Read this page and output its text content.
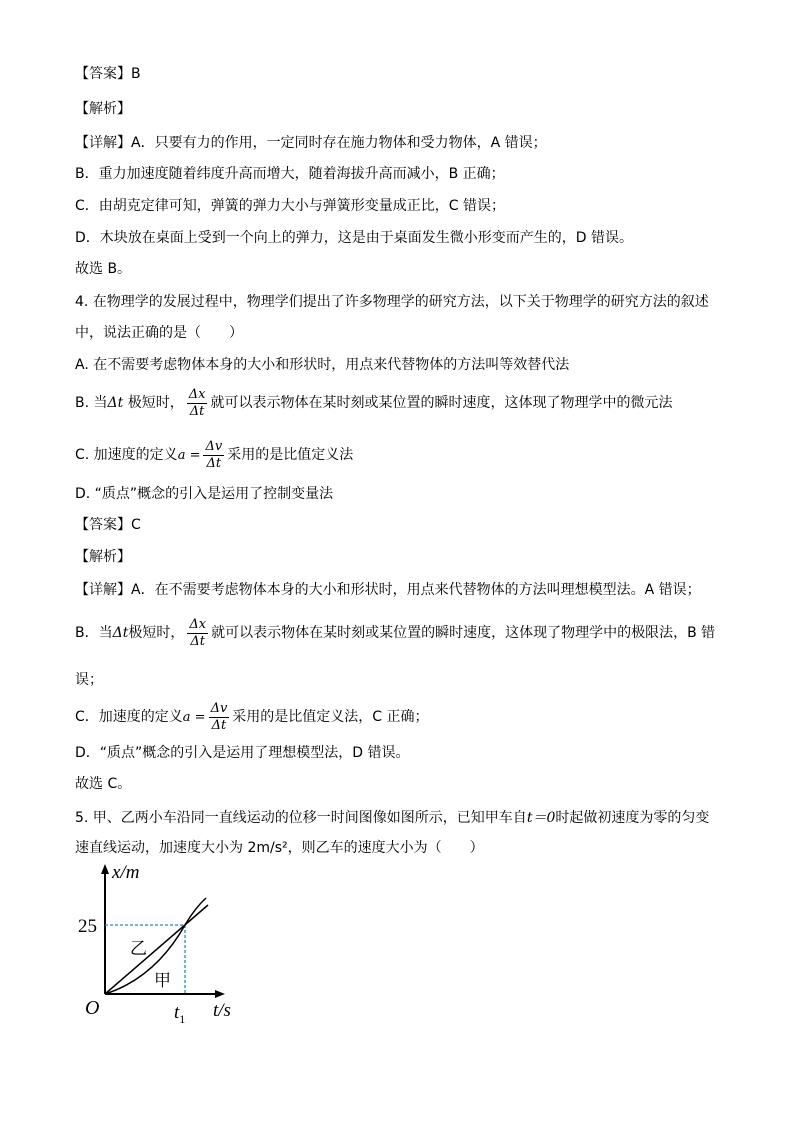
【答案】B
【解析】
【详解】A．只要有力的作用，一定同时存在施力物体和受力物体，A 错误；
B．重力加速度随着纬度升高而增大，随着海拔升高而减小，B 正确；
C．由胡克定律可知，弹簧的弹力大小与弹簧形变量成正比，C 错误；
D．木块放在桌面上受到一个向上的弹力，这是由于桌面发生微小形变而产生的，D 错误。
故选 B。
4. 在物理学的发展过程中，物理学们提出了许多物理学的研究方法，以下关于物理学的研究方法的叙述
中，说法正确的是（　　）
A. 在不需要考虑物体本身的大小和形状时，用点来代替物体的方法叫等效替代法
B. 当Δt 极短时， $\frac{\Delta x}{\Delta t}$ 就可以表示物体在某时刻或某位置的瞬时速度，这体现了物理学中的微元法
C. 加速度的定义$a = \frac{\Delta v}{\Delta t}$ 采用的是比值定义法
D. “质点”概念的引入是运用了控制变量法
【答案】C
【解析】
【详解】A．在不需要考虑物体本身的大小和形状时，用点来代替物体的方法叫理想模型法。A 错误；
B．当Δt极短时， $\frac{\Delta x}{\Delta t}$ 就可以表示物体在某时刻或某位置的瞬时速度，这体现了物理学中的极限法，B 错
误；
C．加速度的定义$a = \frac{\Delta v}{\Delta t}$ 采用的是比值定义法，C 正确；
D．“质点”概念的引入是运用了理想模型法，D 错误。
故选 C。
5. 甲、乙两小车沿同一直线运动的位移一时间图像如图所示，已知甲车自t＝0时起做初速度为零的匀变
速直线运动，加速度大小为 2m/s²，则乙车的速度大小为（　　）
x/m
25
乙
甲
O	$t_1$ t/s
